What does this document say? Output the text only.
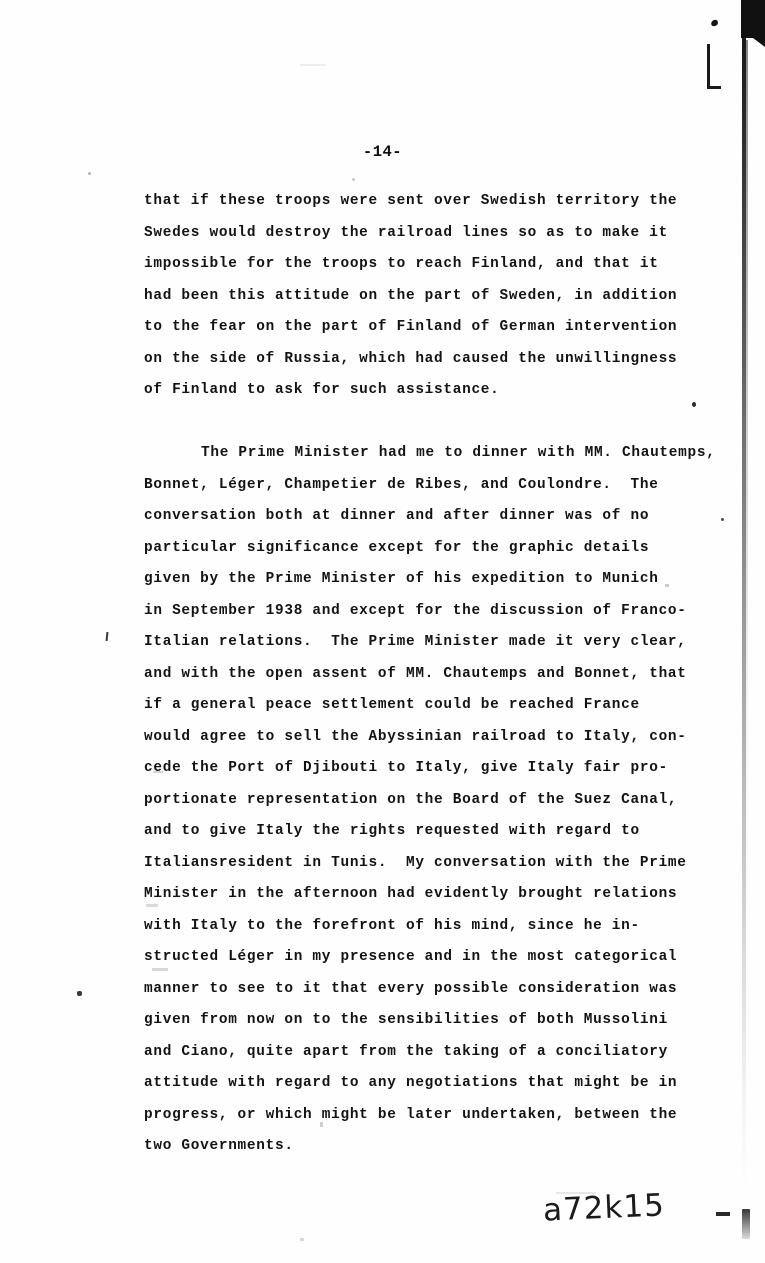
-14-

that if these troops were sent over Swedish territory the
Swedes would destroy the railroad lines so as to make it
impossible for the troops to reach Finland, and that it
had been this attitude on the part of Sweden, in addition
to the fear on the part of Finland of German intervention
on the side of Russia, which had caused the unwillingness
of Finland to ask for such assistance.

The Prime Minister had me to dinner with MM. Chautemps,
Bonnet, Léger, Champetier de Ribes, and Coulondre.  The
conversation both at dinner and after dinner was of no
particular significance except for the graphic details
given by the Prime Minister of his expedition to Munich
in September 1938 and except for the discussion of Franco-
Italian relations.  The Prime Minister made it very clear,
and with the open assent of MM. Chautemps and Bonnet, that
if a general peace settlement could be reached France
would agree to sell the Abyssinian railroad to Italy, con-
cede the Port of Djibouti to Italy, give Italy fair pro-
portionate representation on the Board of the Suez Canal,
and to give Italy the rights requested with regard to
Italiansresident in Tunis.  My conversation with the Prime
Minister in the afternoon had evidently brought relations
with Italy to the forefront of his mind, since he in-
structed Léger in my presence and in the most categorical
manner to see to it that every possible consideration was
given from now on to the sensibilities of both Mussolini
and Ciano, quite apart from the taking of a conciliatory
attitude with regard to any negotiations that might be in
progress, or which might be later undertaken, between the
two Governments.

a72k15
